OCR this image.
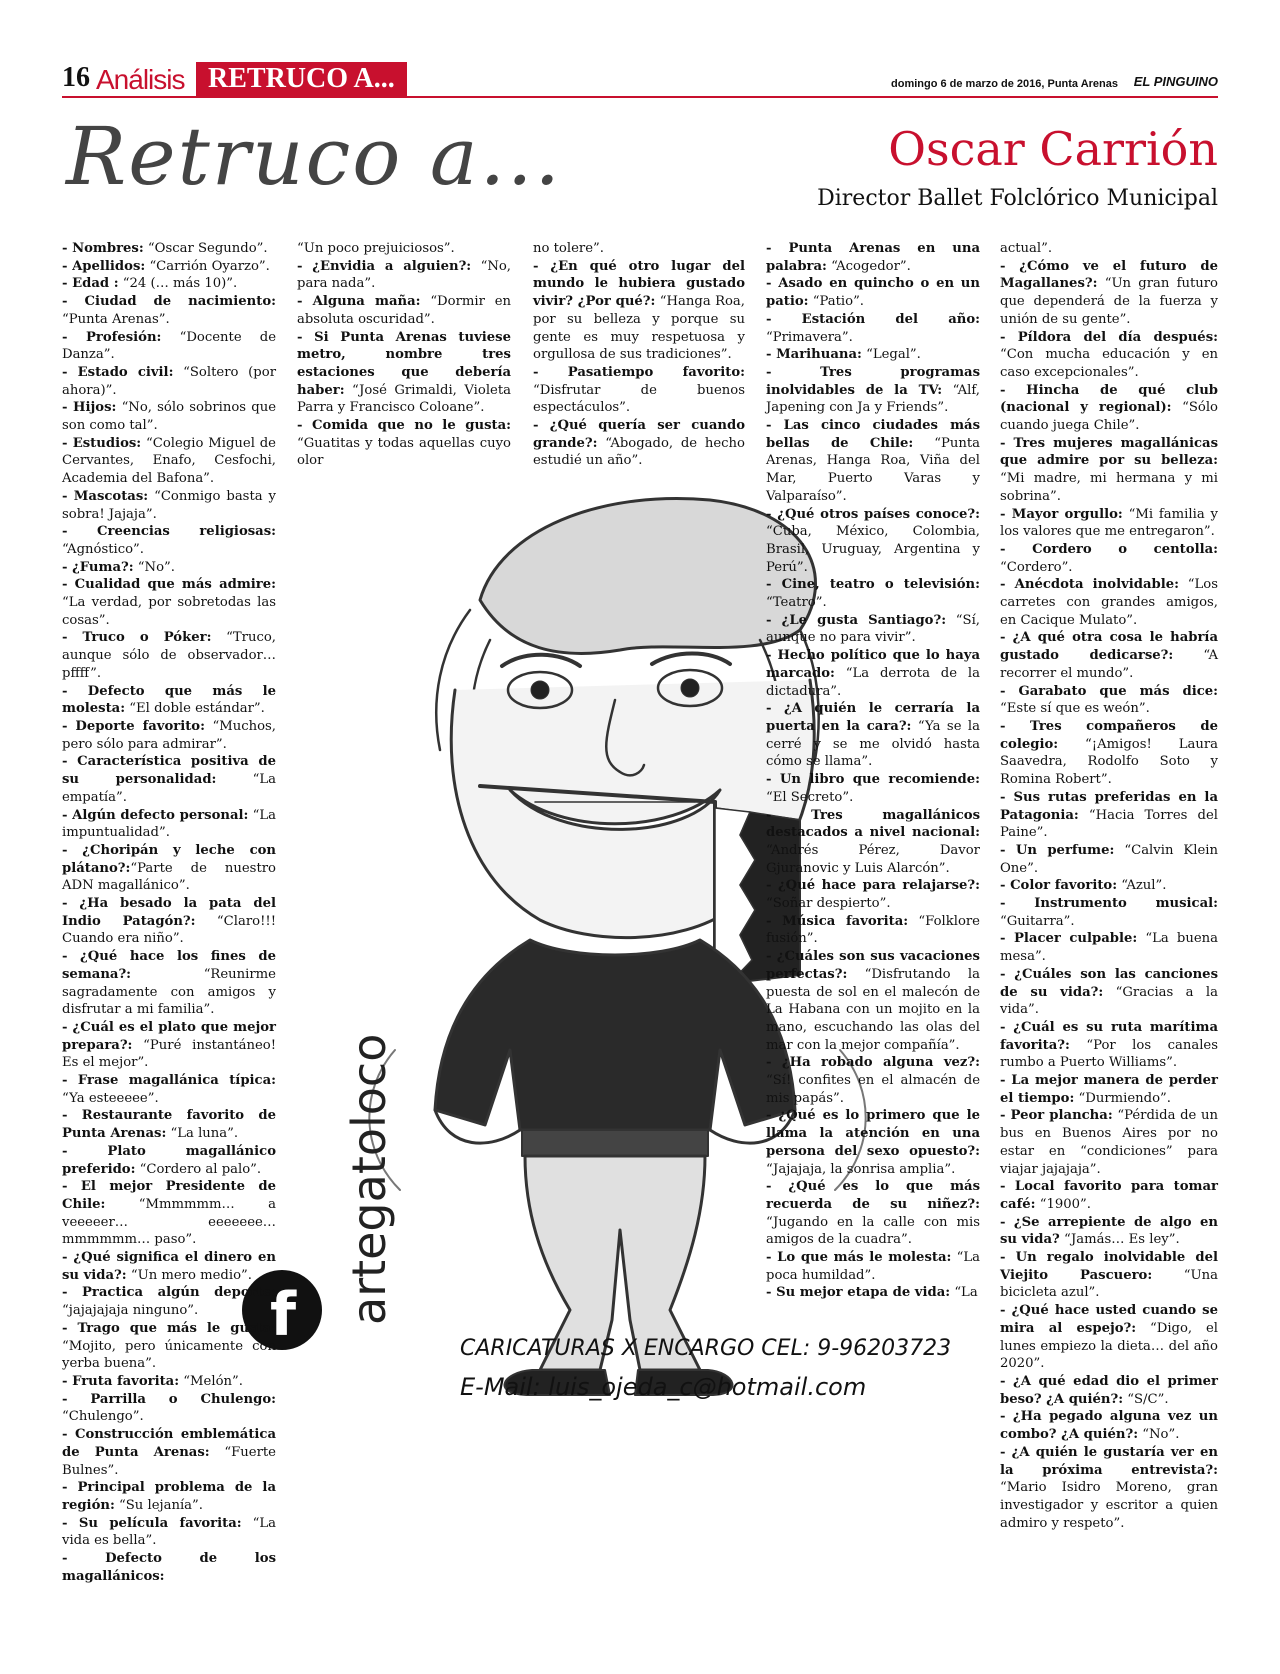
16 Análisis RETRUCO A...	domingo 6 de marzo de 2016, Punta Arenas EL PINGUINO
Retruco a...	Oscar Carrión
Director Ballet Folclórico Municipal
f artegatoloco
CARICATURAS X ENCARGO CEL: 9-96203723
E-Mail: luis_ojeda_c@hotmail.com

- Nombres: “Oscar Segundo”.

- Apellidos: “Carrión Oyarzo”.

- Edad : “24 (… más 10)”.

- Ciudad de nacimiento: “Punta Arenas”.

- Profesión: “Docente de Danza”.

- Estado civil: “Soltero (por ahora)”.

- Hijos: “No, sólo sobrinos que son como tal”.

- Estudios: “Colegio Miguel de Cervantes, Enafo, Cesfochi, Academia del Bafona”.

- Mascotas: “Conmigo basta y sobra! Jajaja”.

- Creencias religiosas: “Agnóstico”.

- ¿Fuma?: “No”.

- Cualidad que más admire: “La verdad, por sobretodas las cosas”.

- Truco o Póker: “Truco, aunque sólo de observador… pffff”.

- Defecto que más le molesta: “El doble estándar”.

- Deporte favorito: “Muchos, pero sólo para admirar”.

- Característica positiva de su personalidad: “La empatía”.

- Algún defecto personal: “La impuntualidad”.

- ¿Choripán y leche con plátano?:“Parte de nuestro ADN magallánico”.

- ¿Ha besado la pata del Indio Patagón?: “Claro!!! Cuando era niño”.

- ¿Qué hace los fines de semana?: “Reunirme sagradamente con amigos y disfrutar a mi familia”.

- ¿Cuál es el plato que mejor prepara?: “Puré instantáneo! Es el mejor”.

- Frase magallánica típica: “Ya esteeeee”.

- Restaurante favorito de Punta Arenas: “La luna”.

- Plato magallánico preferido: “Cordero al palo”.

- El mejor Presidente de Chile: “Mmmmmm… a veeeeer… eeeeeee… mmmmmm… paso”.

- ¿Qué significa el dinero en su vida?: “Un mero medio”.

- Practica algún deporte: “jajajajaja ninguno”.

- Trago que más le gusta: “Mojito, pero únicamente con yerba buena”.

- Fruta favorita: “Melón”.

- Parrilla o Chulengo: “Chulengo”.

- Construcción emblemática de Punta Arenas: “Fuerte Bulnes”.

- Principal problema de la región: “Su lejanía”.

- Su película favorita: “La vida es bella”.

- Defecto de los magallánicos:

“Un poco prejuiciosos”.

- ¿Envidia a alguien?: “No, para nada”.

- Alguna maña: “Dormir en absoluta oscuridad”.

- Si Punta Arenas tuviese metro, nombre tres estaciones que debería haber: “José Grimaldi, Violeta Parra y Francisco Coloane”.

- Comida que no le gusta: “Guatitas y todas aquellas cuyo olor

no tolere”.

- ¿En qué otro lugar del mundo le hubiera gustado vivir? ¿Por qué?: “Hanga Roa, por su belleza y porque su gente es muy respetuosa y orgullosa de sus tradiciones”.

- Pasatiempo favorito: “Disfrutar de buenos espectáculos”.

- ¿Qué quería ser cuando grande?: “Abogado, de hecho estudié un año”.

- Punta Arenas en una palabra: “Acogedor”.

- Asado en quincho o en un patio: “Patio”.

- Estación del año: “Primavera”.

- Marihuana: “Legal”.

- Tres programas inolvidables de la TV: “Alf, Japening con Ja y Friends”.

- Las cinco ciudades más bellas de Chile: “Punta Arenas, Hanga Roa, Viña del Mar, Puerto Varas y Valparaíso”.

- ¿Qué otros países conoce?: “Cuba, México, Colombia, Brasil, Uruguay, Argentina y Perú”.

- Cine, teatro o televisión: “Teatro”.

- ¿Le gusta Santiago?: “Sí, aunque no para vivir”.

- Hecho político que lo haya marcado: “La derrota de la dictadura”.

- ¿A quién le cerraría la puerta en la cara?: “Ya se la cerré y se me olvidó hasta cómo se llama”.

- Un libro que recomiende: “El Secreto”.

- Tres magallánicos destacados a nivel nacional: “Andrés Pérez, Davor Gjuranovic y Luis Alarcón”.

- ¿Qué hace para relajarse?: “Soñar despierto”.

- Música favorita: “Folklore fusión”.

- ¿Cuáles son sus vacaciones perfectas?: “Disfrutando la puesta de sol en el malecón de La Habana con un mojito en la mano, escuchando las olas del mar con la mejor compañía”.

- ¿Ha robado alguna vez?: “Sí! confites en el almacén de mis papás”.

- ¿Qué es lo primero que le llama la atención en una persona del sexo opuesto?: “Jajajaja, la sonrisa amplia”.

- ¿Qué es lo que más recuerda de su niñez?: “Jugando en la calle con mis amigos de la cuadra”.

- Lo que más le molesta: “La poca humildad”.

- Su mejor etapa de vida: “La

actual”.

- ¿Cómo ve el futuro de Magallanes?: “Un gran futuro que dependerá de la fuerza y unión de su gente”.

- Píldora del día después: “Con mucha educación y en caso excepcionales”.

- Hincha de qué club (nacional y regional): “Sólo cuando juega Chile”.

- Tres mujeres magallánicas que admire por su belleza: “Mi madre, mi hermana y mi sobrina”.

- Mayor orgullo: “Mi familia y los valores que me entregaron”.

- Cordero o centolla: “Cordero”.

- Anécdota inolvidable: “Los carretes con grandes amigos, en Cacique Mulato”.

- ¿A qué otra cosa le habría gustado dedicarse?: “A recorrer el mundo”.

- Garabato que más dice: “Este sí que es weón”.

- Tres compañeros de colegio: “¡Amigos! Laura Saavedra, Rodolfo Soto y Romina Robert”.

- Sus rutas preferidas en la Patagonia: “Hacia Torres del Paine”.

- Un perfume: “Calvin Klein One”.

- Color favorito: “Azul”.

- Instrumento musical: “Guitarra”.

- Placer culpable: “La buena mesa”.

- ¿Cuáles son las canciones de su vida?: “Gracias a la vida”.

- ¿Cuál es su ruta marítima favorita?: “Por los canales rumbo a Puerto Williams”.

- La mejor manera de perder el tiempo: “Durmiendo”.

- Peor plancha: “Pérdida de un bus en Buenos Aires por no estar en “condiciones” para viajar jajajaja”.

- Local favorito para tomar café: “1900”.

- ¿Se arrepiente de algo en su vida? “Jamás… Es ley”.

- Un regalo inolvidable del Viejito Pascuero: “Una bicicleta azul”.

- ¿Qué hace usted cuando se mira al espejo?: “Digo, el lunes empiezo la dieta… del año 2020”.

- ¿A qué edad dio el primer beso? ¿A quién?: “S/C”.

- ¿Ha pegado alguna vez un combo? ¿A quién?: “No”.

- ¿A quién le gustaría ver en la próxima entrevista?: “Mario Isidro Moreno, gran investigador y escritor a quien admiro y respeto”.
